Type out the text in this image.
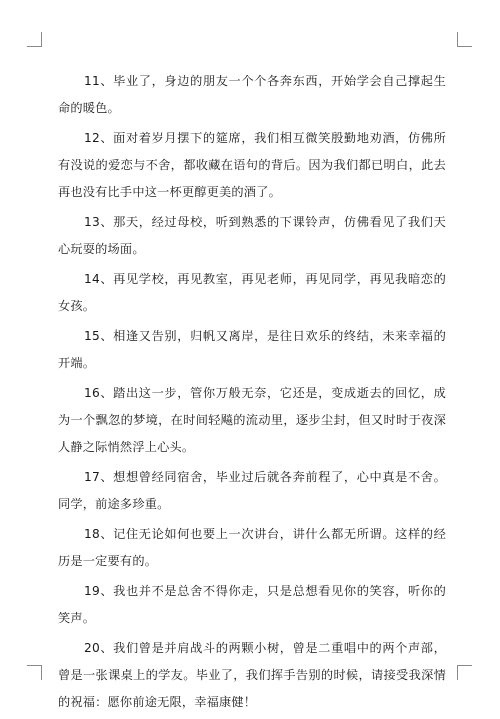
11、毕业了，身边的朋友一个个各奔东西，开始学会自己撑起生命的暖色。

12、面对着岁月摆下的筵席，我们相互微笑殷勤地劝酒，仿佛所有没说的爱恋与不舍，都收藏在语句的背后。因为我们都已明白，此去再也没有比手中这一杯更醇更美的酒了。

13、那天，经过母校，听到熟悉的下课铃声，仿佛看见了我们天心玩耍的场面。

14、再见学校，再见教室，再见老师，再见同学，再见我暗恋的女孩。

15、相逢又告别，归帆又离岸，是往日欢乐的终结，未来幸福的开端。

16、踏出这一步，管你万般无奈，它还是，变成逝去的回忆，成为一个飘忽的梦境，在时间轻飚的流动里，逐步尘封，但又时时于夜深人静之际悄然浮上心头。

17、想想曾经同宿舍，毕业过后就各奔前程了，心中真是不舍。同学，前途多珍重。

18、记住无论如何也要上一次讲台，讲什么都无所谓。这样的经历是一定要有的。

19、我也并不是总舍不得你走，只是总想看见你的笑容，听你的笑声。

20、我们曾是并肩战斗的两颗小树，曾是二重唱中的两个声部，曾是一张课桌上的学友。毕业了，我们挥手告别的时候，请接受我深情的祝福：愿你前途无限，幸福康健！
